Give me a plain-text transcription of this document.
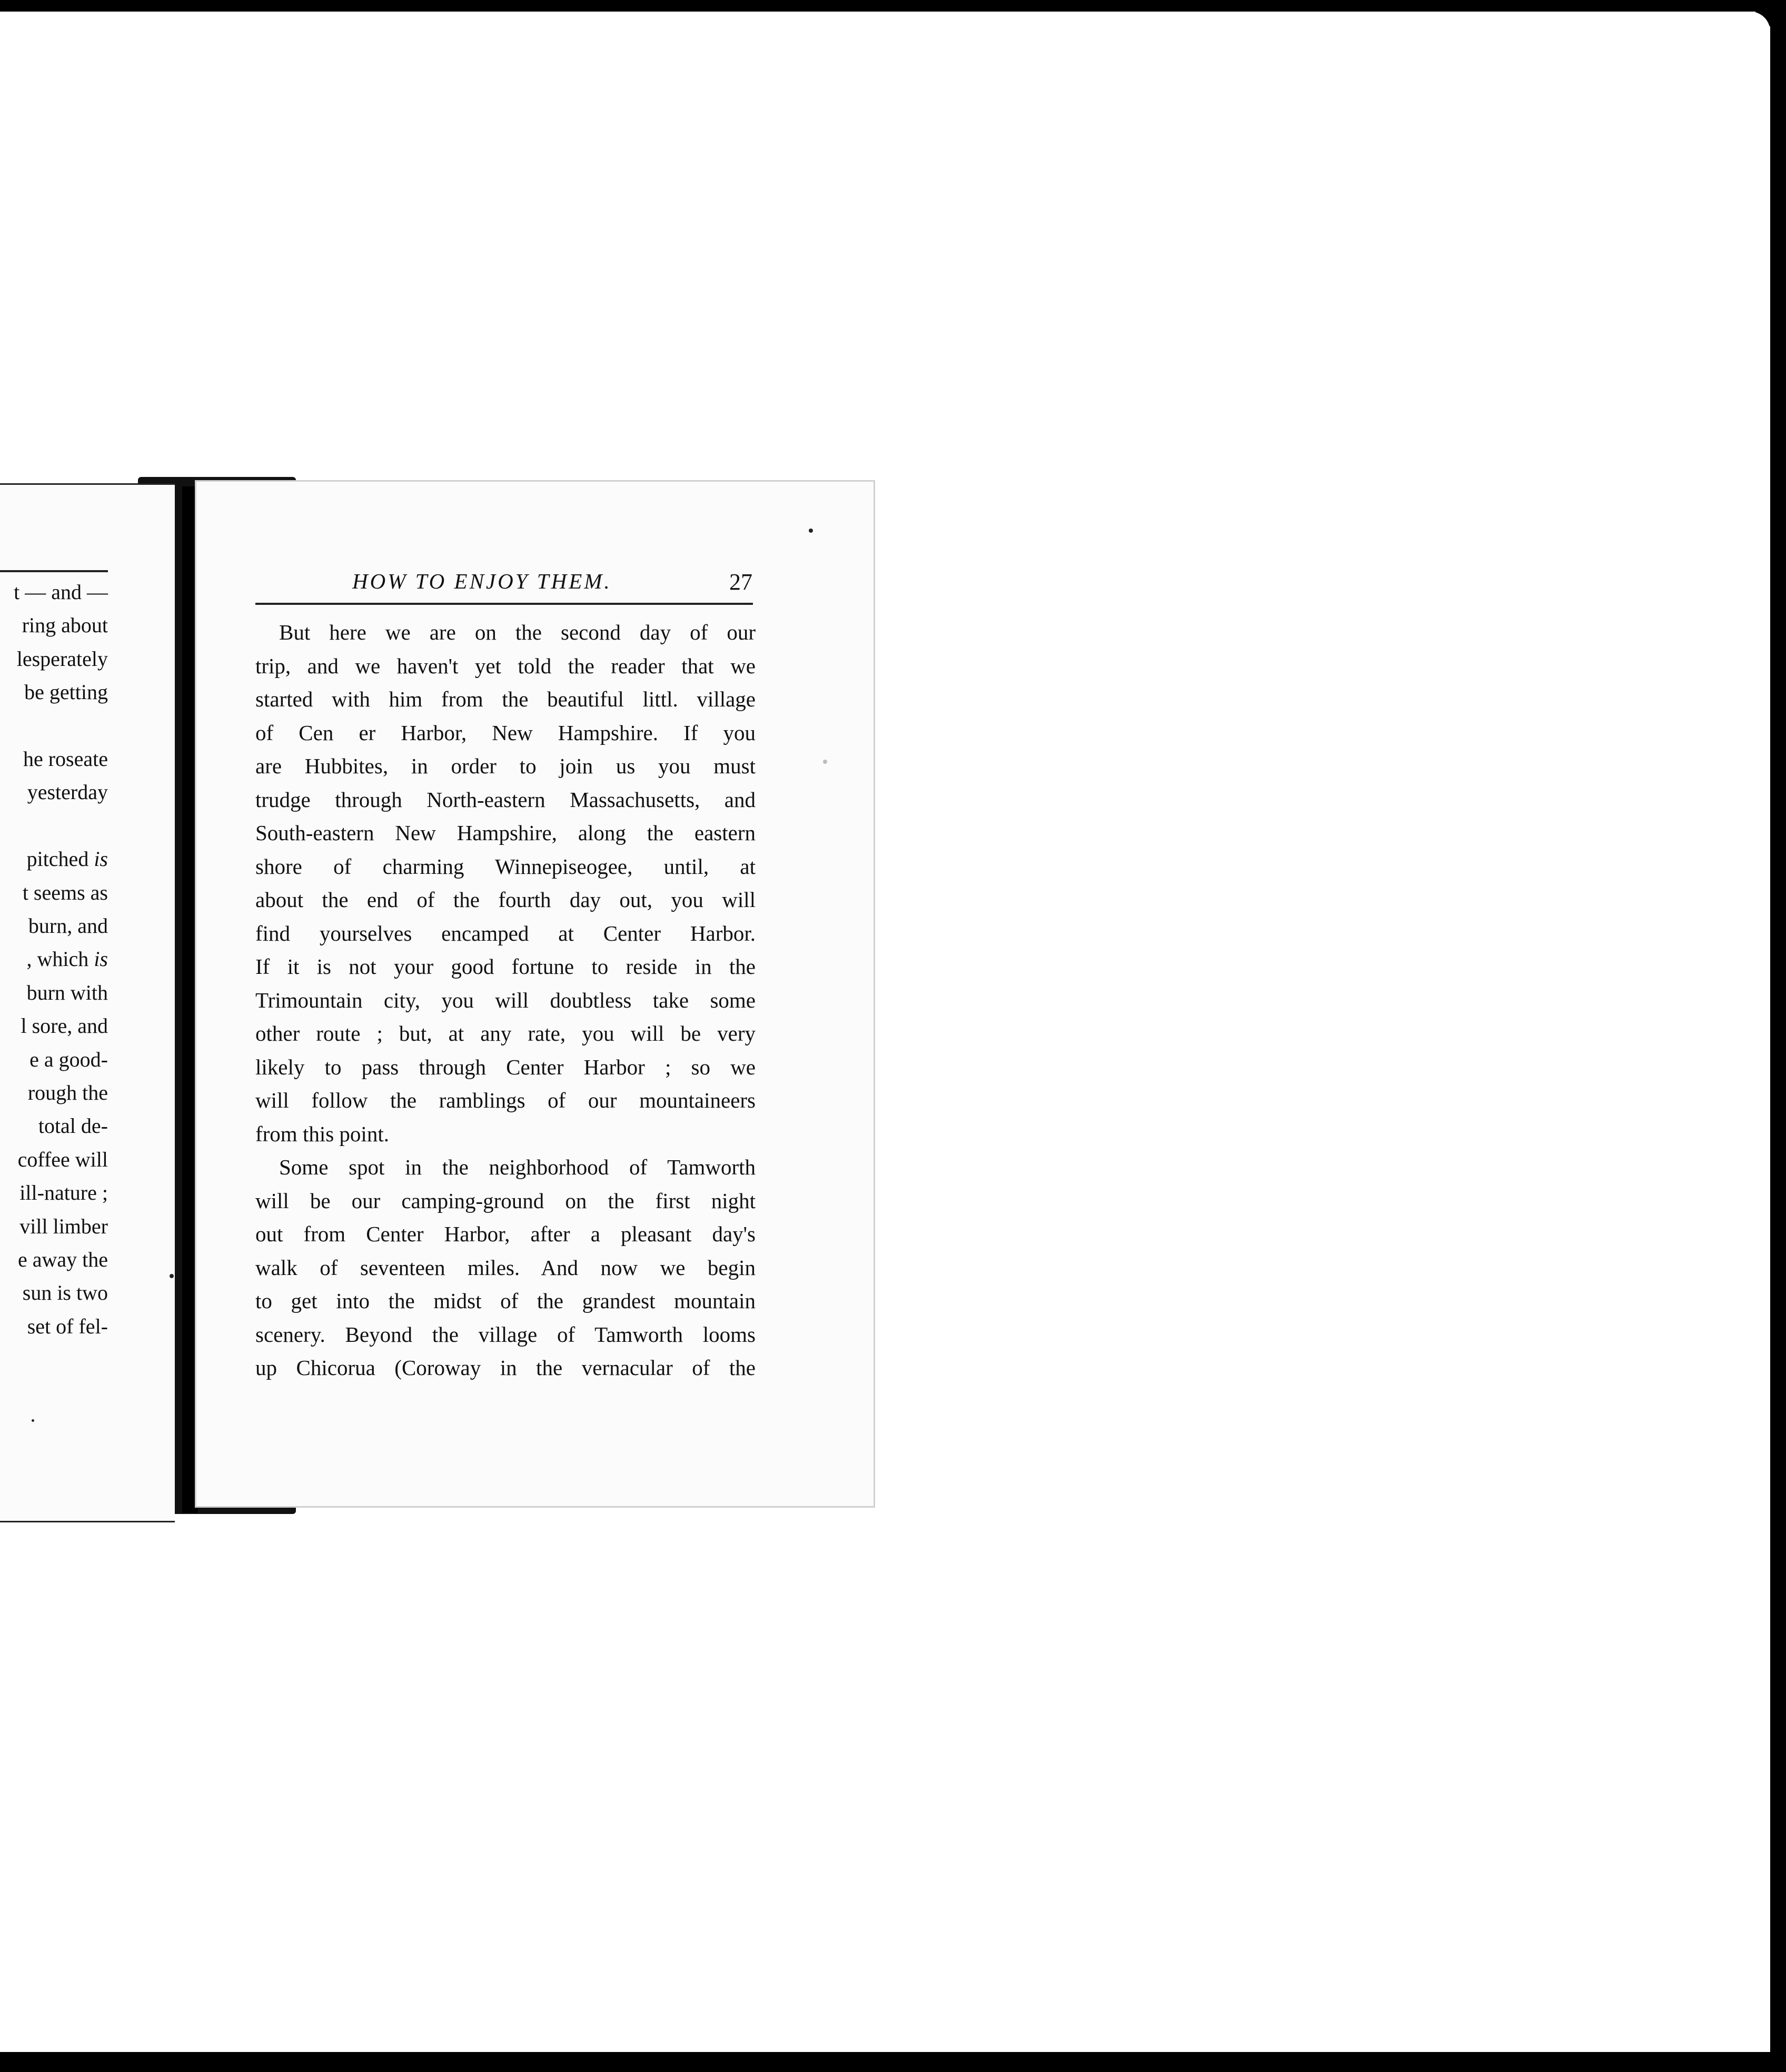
t — and —
ring about
lesperately
be getting
he roseate
yesterday
pitched is
t seems as
burn, and
, which is
burn with
l sore, and
e a good-
rough the
total de-
coffee will
ill-nature ;
vill limber
e away the
sun is two
set of fel-
HOW TO ENJOY THEM.	27
But here we are on the second day of our
trip, and we haven't yet told the reader that we
started with him from the beautiful littl. village
of Cen er Harbor, New Hampshire. If you
are Hubbites, in order to join us you must
trudge through North-eastern Massachusetts, and
South-eastern New Hampshire, along the eastern
shore of charming Winnepiseogee, until, at
about the end of the fourth day out, you will
find yourselves encamped at Center Harbor.
If it is not your good fortune to reside in the
Trimountain city, you will doubtless take some
other route ; but, at any rate, you will be very
likely to pass through Center Harbor ; so we
will follow the ramblings of our mountaineers
from this point.
Some spot in the neighborhood of Tamworth
will be our camping-ground on the first night
out from Center Harbor, after a pleasant day's
walk of seventeen miles. And now we begin
to get into the midst of the grandest mountain
scenery. Beyond the village of Tamworth looms
up Chicorua (Coroway in the vernacular of the
